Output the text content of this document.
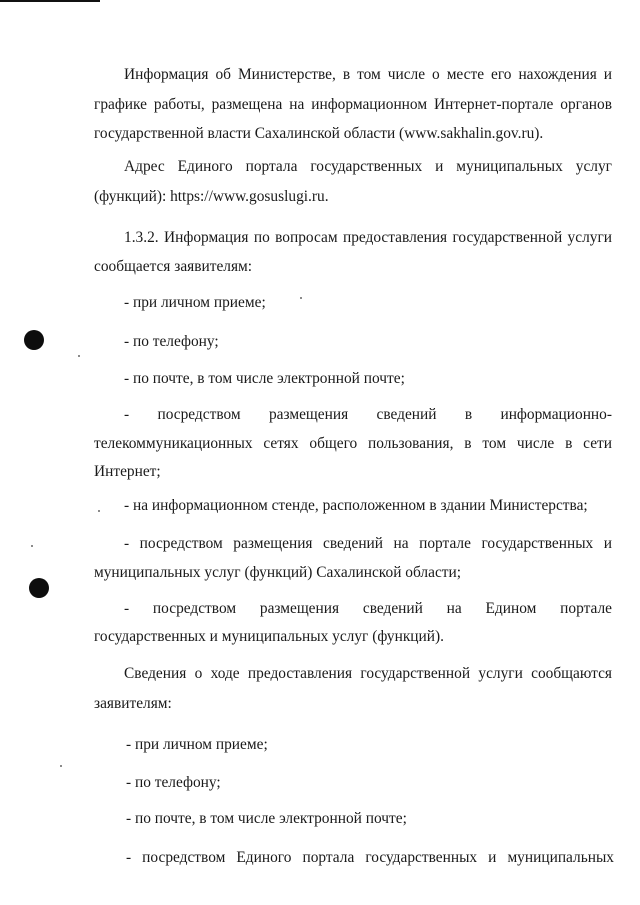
Информация об Министерстве, в том числе о месте его нахождения и

графике работы, размещена на информационном Интернет-портале органов

государственной власти Сахалинской области (www.sakhalin.gov.ru).

Адрес Единого портала государственных и муниципальных услуг

(функций): https://www.gosuslugi.ru.

1.3.2. Информация по вопросам предоставления государственной услуги

сообщается заявителям:

- при личном приеме;

- по телефону;

- по почте, в том числе электронной почте;

- посредством размещения сведений в информационно-

телекоммуникационных сетях общего пользования, в том числе в сети

Интернет;

- на информационном стенде, расположенном в здании Министерства;

- посредством размещения сведений на портале государственных и

муниципальных услуг (функций) Сахалинской области;

- посредством размещения сведений на Едином портале

государственных и муниципальных услуг (функций).

Сведения о ходе предоставления государственной услуги сообщаются

заявителям:

- при личном приеме;

- по телефону;

- по почте, в том числе электронной почте;

- посредством Единого портала государственных и муниципальных
